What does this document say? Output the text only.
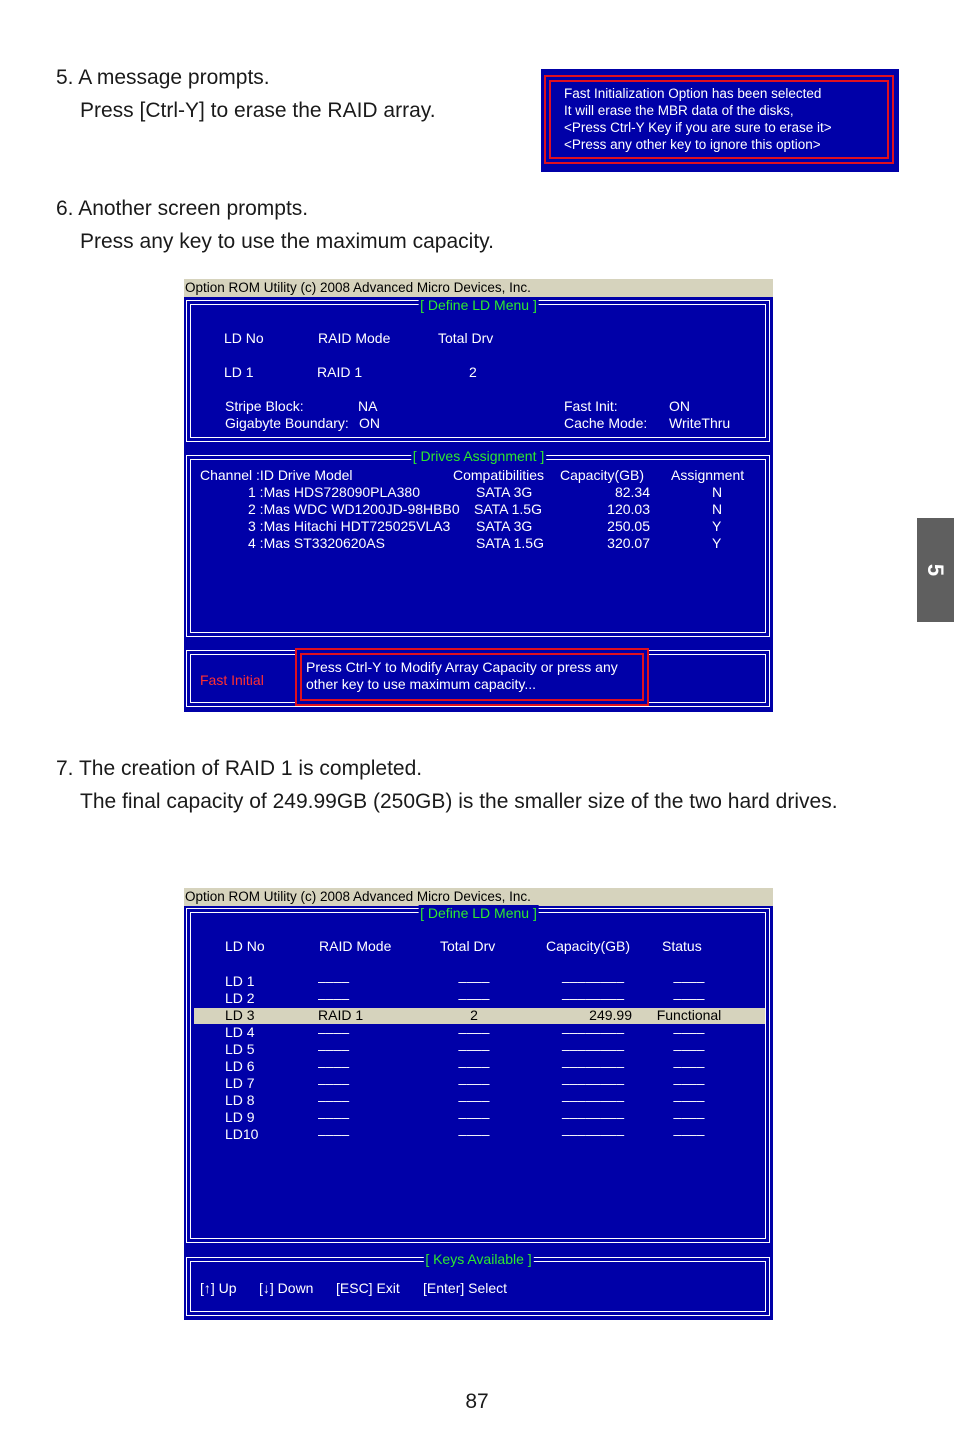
5. A message prompts.
Press [Ctrl-Y] to erase the RAID array.
Fast Initialization Option has been selected
It will erase the MBR data of the disks,
<Press Ctrl-Y Key if you are sure to erase it>
<Press any other key to ignore this option>
6. Another screen prompts.
Press any key to use the maximum capacity.
Option ROM Utility (c) 2008 Advanced Micro Devices, Inc.
[ Define LD Menu ]
LD No	RAID Mode	Total Drv
LD 1	RAID 1	2
Stripe Block:	NA
Gigabyte Boundary: ON
Fast Init:	ON
Cache Mode: WriteThru
[ Drives Assignment ]
Channel :ID Drive Model	Compatibilities Capacity(GB) Assignment
1 :Mas HDS728090PLA380	SATA 3G	82.34	N
2 :Mas WDC WD1200JD-98HBB0 SATA 1.5G	120.03	N
3 :Mas Hitachi HDT725025VLA3 SATA 3G	250.05	Y
4 :Mas ST3320620AS	SATA 1.5G	320.07	Y
Fast Initial
Press Ctrl-Y to Modify Array Capacity or press any
other key to use maximum capacity...
7. The creation of RAID 1 is completed.
The final capacity of 249.99GB (250GB) is the smaller size of the two hard drives.
Option ROM Utility (c) 2008 Advanced Micro Devices, Inc.
[ Define LD Menu ]
LD No	RAID Mode	Total Drv	Capacity(GB) Status
LD 1	––––	––––	––––––––	––––
LD 2	––––	––––	––––––––	––––
LD 3	RAID 1	2	249.99 Functional
LD 4	––––	––––	––––––––	––––
LD 5	––––	––––	––––––––	––––
LD 6	––––	––––	––––––––	––––
LD 7	––––	––––	––––––––	––––
LD 8	––––	––––	––––––––	––––
LD 9	––––	––––	––––––––	––––
LD10	––––	––––	––––––––	––––
[ Keys Available ]
[↑] Up [↓] Down [ESC] Exit [Enter] Select
5
87
